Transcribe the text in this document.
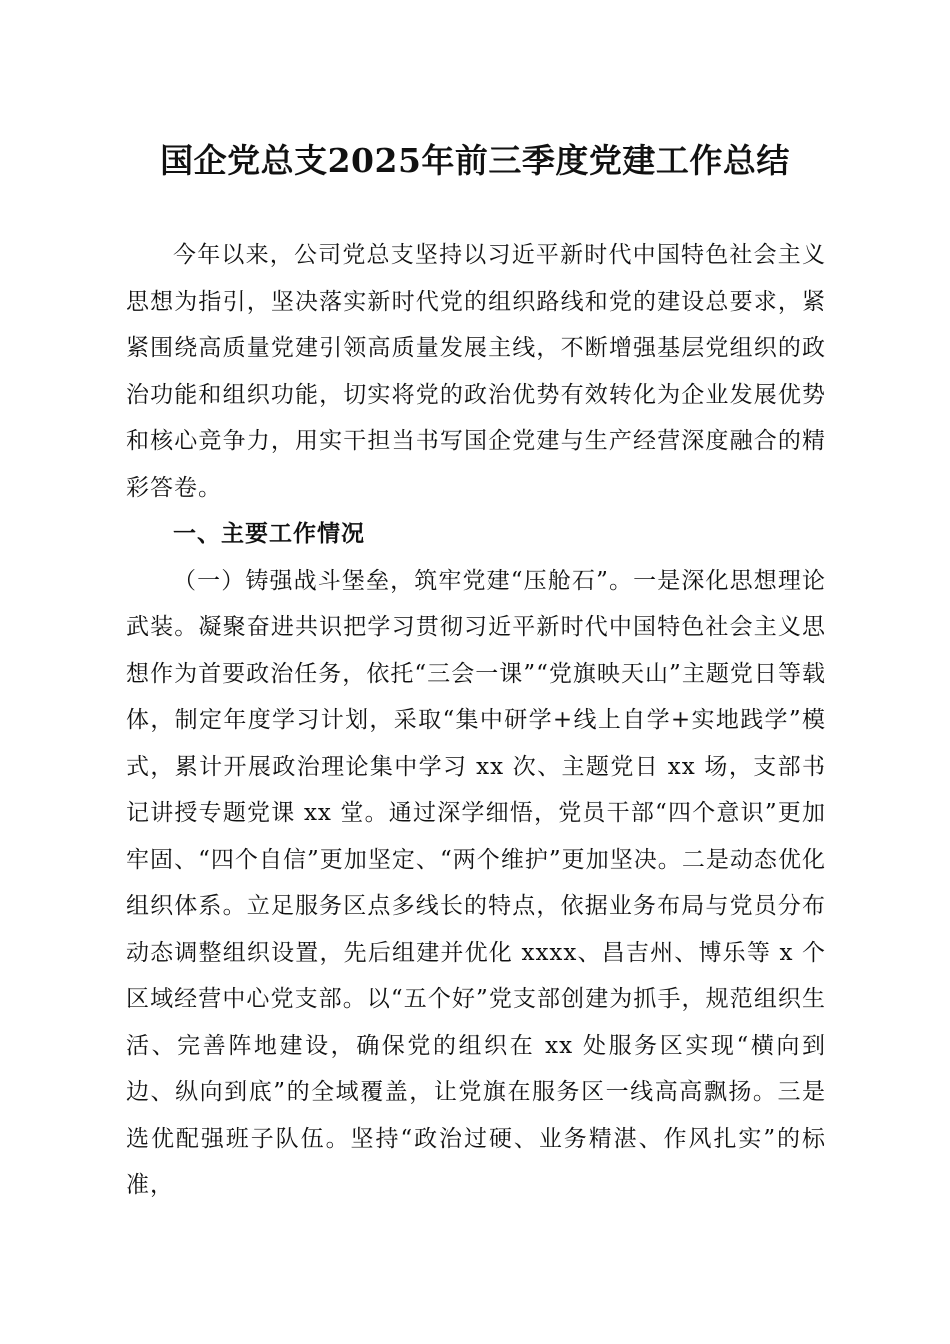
国企党总支2025年前三季度党建工作总结

今年以来，公司党总支坚持以习近平新时代中国特色社会主义思想为指引，坚决落实新时代党的组织路线和党的建设总要求，紧紧围绕高质量党建引领高质量发展主线，不断增强基层党组织的政治功能和组织功能，切实将党的政治优势有效转化为企业发展优势和核心竞争力，用实干担当书写国企党建与生产经营深度融合的精彩答卷。

一、主要工作情况

（一）铸强战斗堡垒，筑牢党建“压舱石”。一是深化思想理论武装。凝聚奋进共识把学习贯彻习近平新时代中国特色社会主义思想作为首要政治任务，依托“三会一课”“党旗映天山”主题党日等载体，制定年度学习计划，采取“集中研学+线上自学+实地践学”模式，累计开展政治理论集中学习 xx 次、主题党日 xx 场，支部书记讲授专题党课 xx 堂。通过深学细悟，党员干部“四个意识”更加牢固、“四个自信”更加坚定、“两个维护”更加坚决。二是动态优化组织体系。立足服务区点多线长的特点，依据业务布局与党员分布动态调整组织设置，先后组建并优化 xxxx、昌吉州、博乐等 x 个区域经营中心党支部。以“五个好”党支部创建为抓手，规范组织生活、完善阵地建设，确保党的组织在 xx 处服务区实现“横向到边、纵向到底”的全域覆盖，让党旗在服务区一线高高飘扬。三是选优配强班子队伍。坚持“政治过硬、业务精湛、作风扎实”的标准，
